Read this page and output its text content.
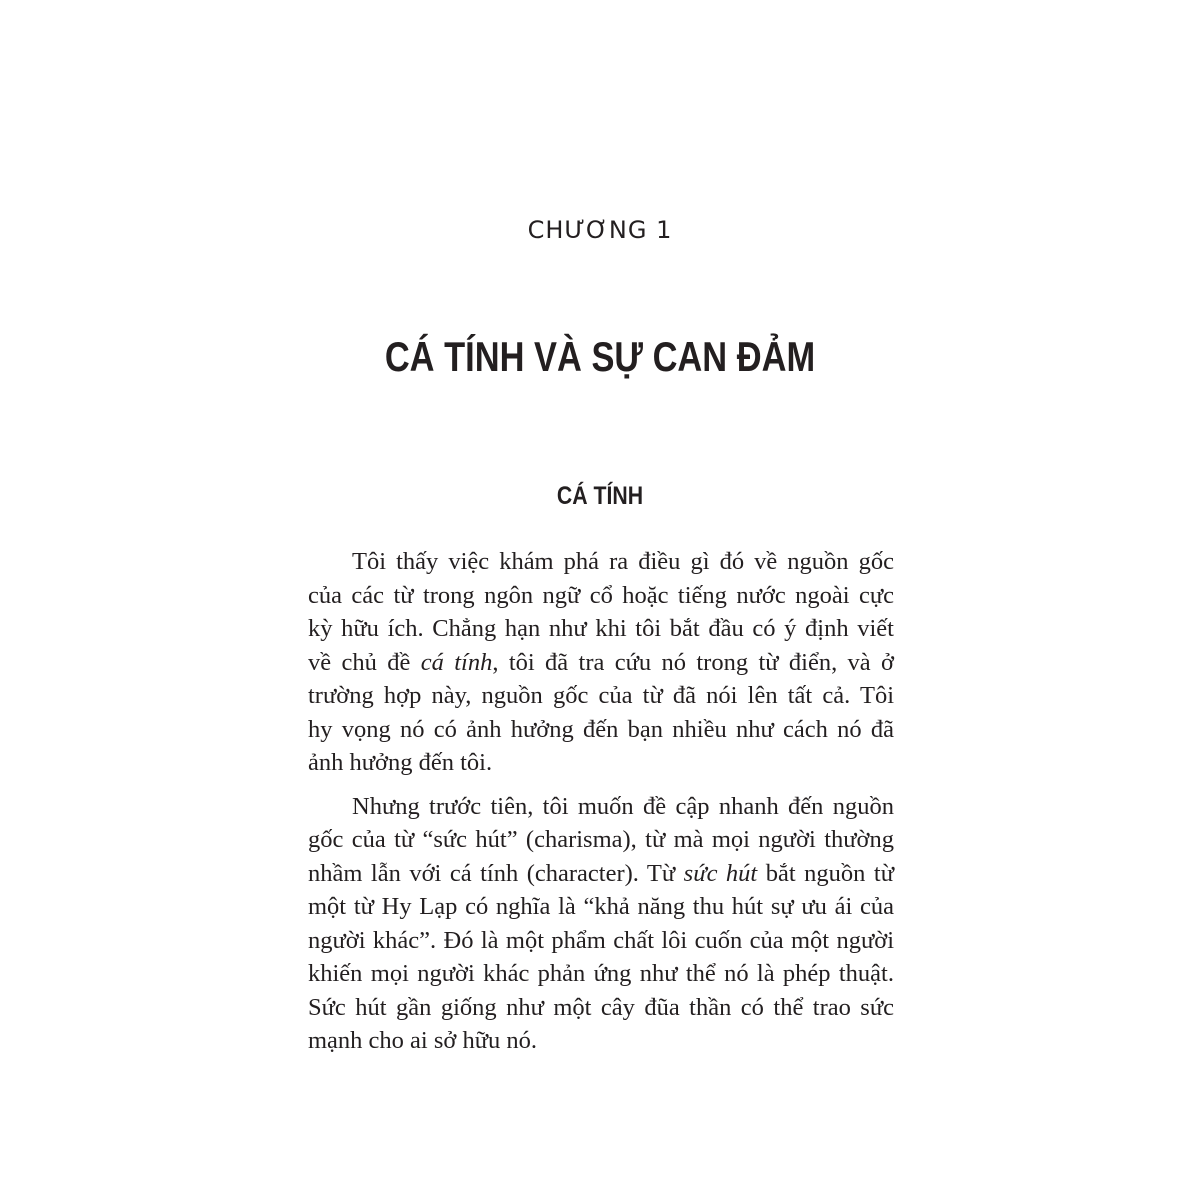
CHƯƠNG 1
CÁ TÍNH VÀ SỰ CAN ĐẢM
CÁ TÍNH

Tôi thấy việc khám phá ra điều gì đó về nguồn gốc
của các từ trong ngôn ngữ cổ hoặc tiếng nước ngoài cực
kỳ hữu ích. Chẳng hạn như khi tôi bắt đầu có ý định viết
về chủ đề cá tính, tôi đã tra cứu nó trong từ điển, và ở
trường hợp này, nguồn gốc của từ đã nói lên tất cả. Tôi
hy vọng nó có ảnh hưởng đến bạn nhiều như cách nó đã
ảnh hưởng đến tôi.

Nhưng trước tiên, tôi muốn đề cập nhanh đến nguồn
gốc của từ “sức hút” (charisma), từ mà mọi người thường
nhầm lẫn với cá tính (character). Từ sức hút bắt nguồn từ
một từ Hy Lạp có nghĩa là “khả năng thu hút sự ưu ái của
người khác”. Đó là một phẩm chất lôi cuốn của một người
khiến mọi người khác phản ứng như thể nó là phép thuật.
Sức hút gần giống như một cây đũa thần có thể trao sức
mạnh cho ai sở hữu nó.
